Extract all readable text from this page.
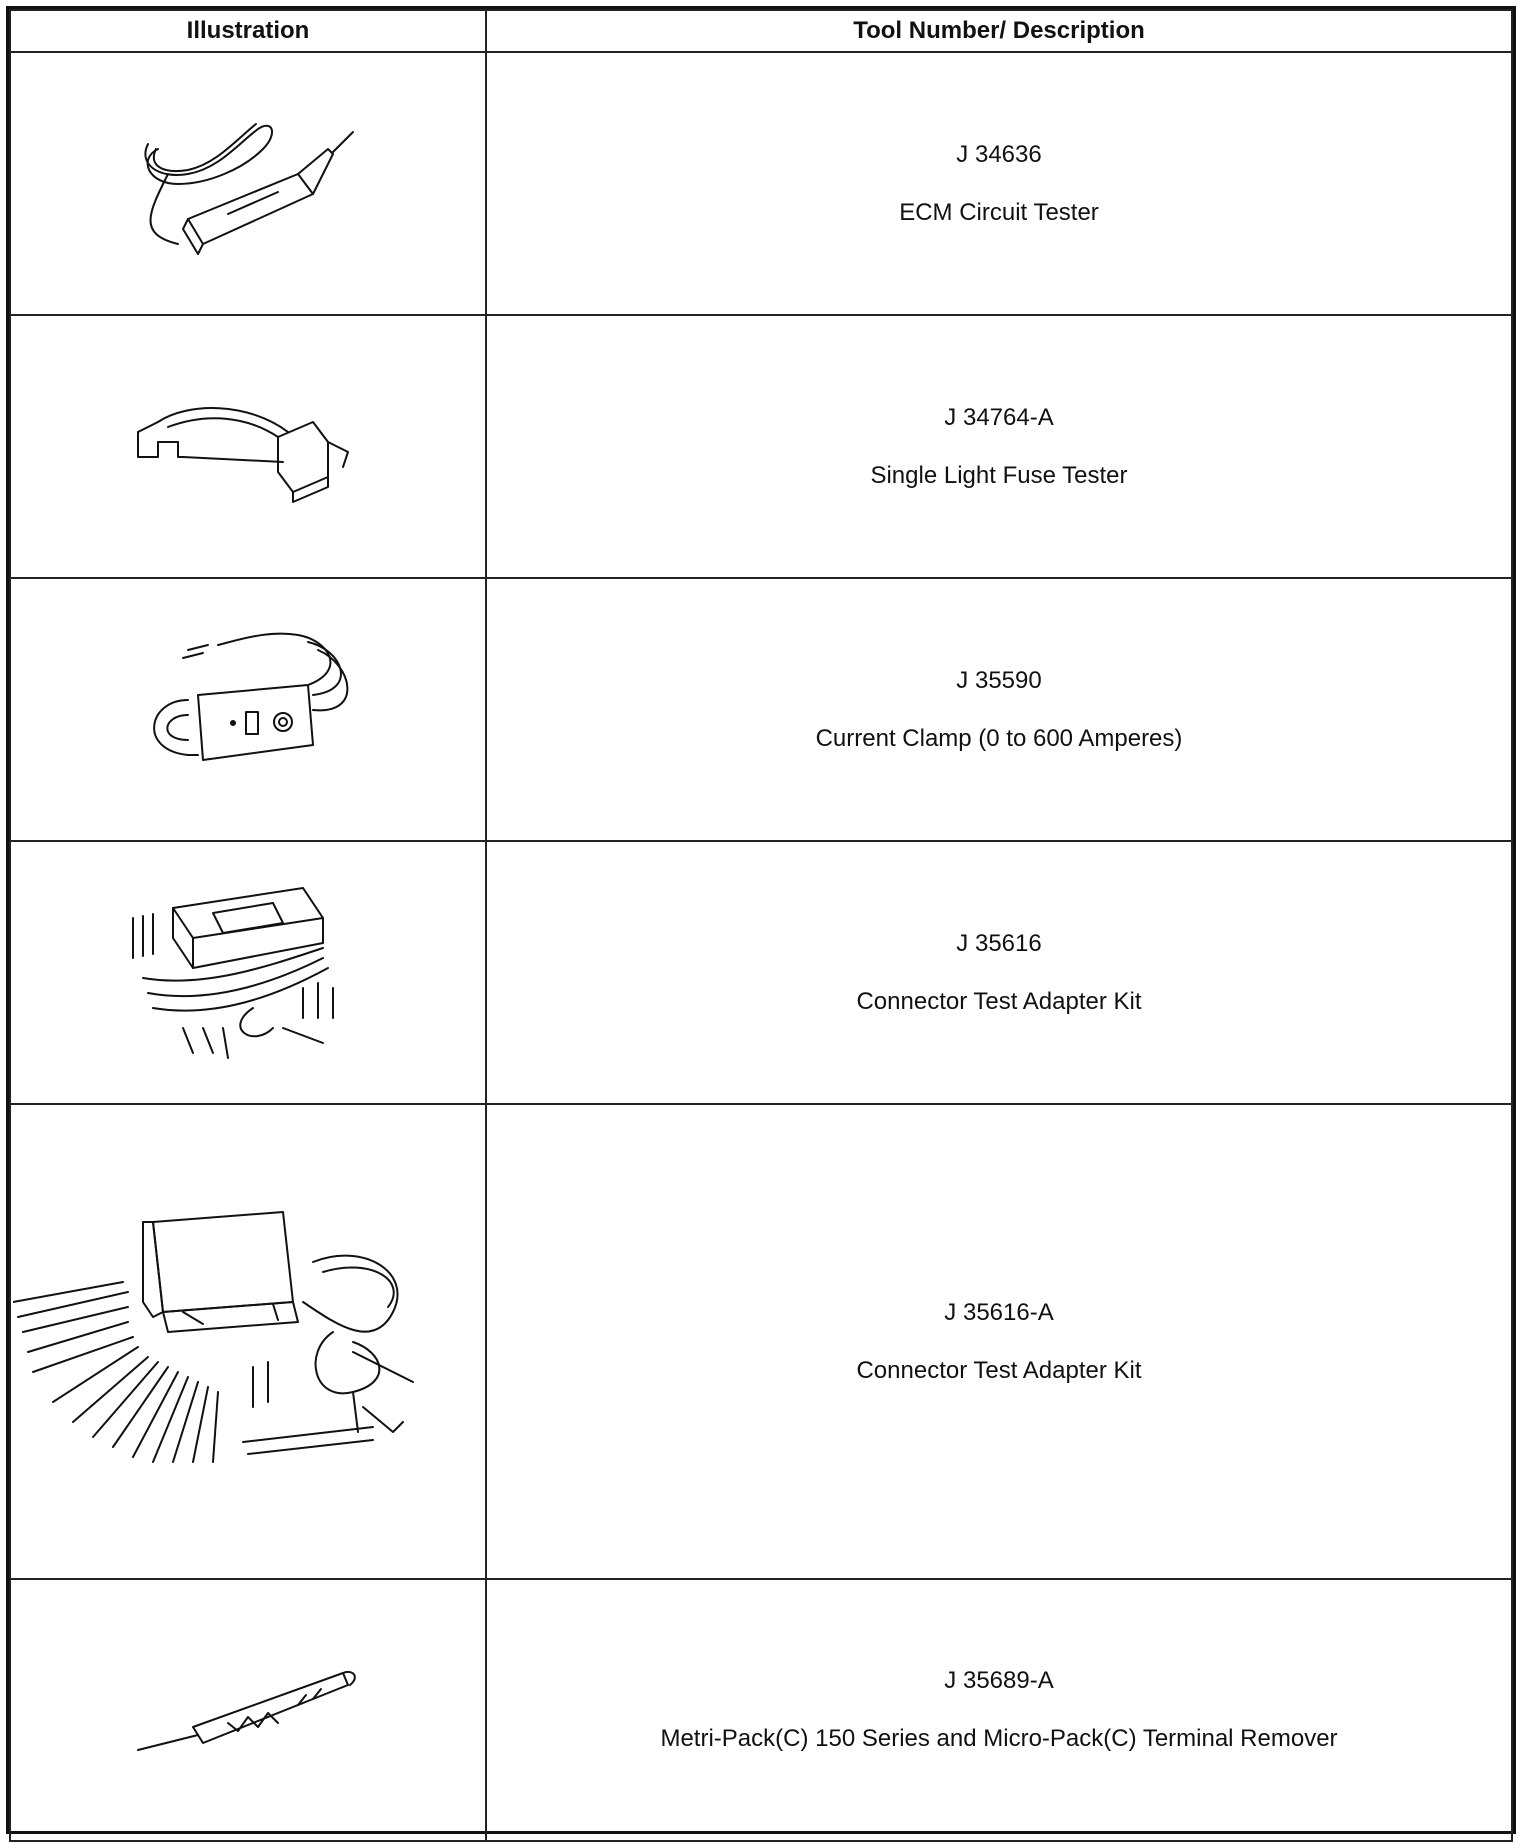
Illustration	Tool Number/ Description

J 34636
ECM Circuit Tester

J 34764-A
Single Light Fuse Tester

J 35590
Current Clamp (0 to 600 Amperes)

J 35616
Connector Test Adapter Kit

J 35616-A
Connector Test Adapter Kit

J 35689-A
Metri-Pack(C) 150 Series and Micro-Pack(C) Terminal Remover
